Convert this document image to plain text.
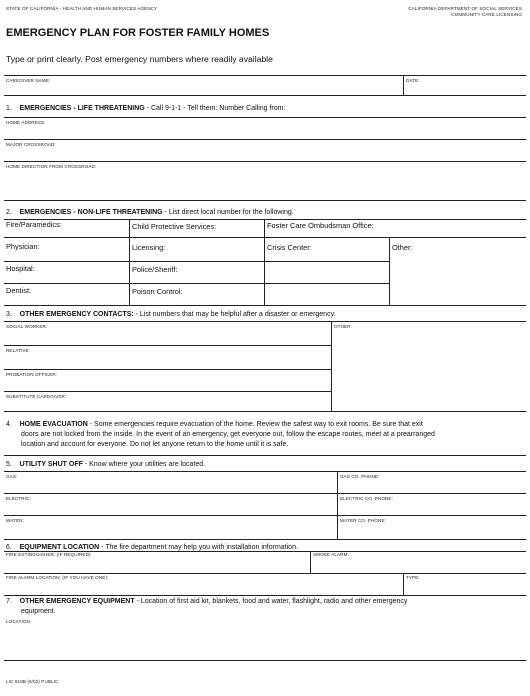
STATE OF CALIFORNIA - HEALTH AND HUMAN SERVICES AGENCY	CALIFORNIA DEPARTMENT OF SOCIAL SERVICES
COMMUNITY CARE LICENSING
EMERGENCY PLAN FOR FOSTER FAMILY HOMES
Type or print clearly. Post emergency numbers where readily available
CAREGIVER NAME:	DATE:
1. EMERGENCIES - LIFE THREATENING - Call 9-1-1 - Tell them: Number Calling from:
HOME ADDRESS:
MAJOR CROSSROAD:
HOME DIRECTION FROM CROSSROAD:
2. EMERGENCIES - NON-LIFE THREATENING - List direct local number for the following.
Fire/Paramedics:	Child Protective Services:	Foster Care Ombudsman Office:
Physician:	Licensing:	Crisis Center:	Other:
Hospital:	Police/Sheriff:
Dentist:	Poison Control:
3. OTHER EMERGENCY CONTACTS: - List numbers that may be helpful after a disaster or emergency.
SOCIAL WORKER:	OTHER:
RELATIVE:
PROBATION OFFICER:
SUBSTITUTE CAREGIVER:
4. HOME EVACUATION - Some emergencies require evacuation of the home. Review the safest way to exit rooms. Be sure that exit
doors are not locked from the inside. In the event of an emergency, get everyone out, follow the escape routes, meet at a prearranged
location and account for everyone. Do not let anyone return to the home until it is safe.
5. UTILITY SHUT OFF - Know where your utilities are located.
GAS:	GAS CO. PHONE:
ELECTRIC:	ELECTRIC CO. PHONE:
WATER:	WATER CO. PHONE:
6. EQUIPMENT LOCATION - The fire department may help you with installation information.
FIRE EXTINGUISHER: (IF REQUIRED)	SMOKE ALARM:
FIRE ALARM LOCATION: (IF YOU HAVE ONE):	TYPE:
7. OTHER EMERGENCY EQUIPMENT - Location of first aid kit, blankets, food and water, flashlight, radio and other emergency
equipment.
LOCATION:
LIC 610B (6/02) PUBLIC
